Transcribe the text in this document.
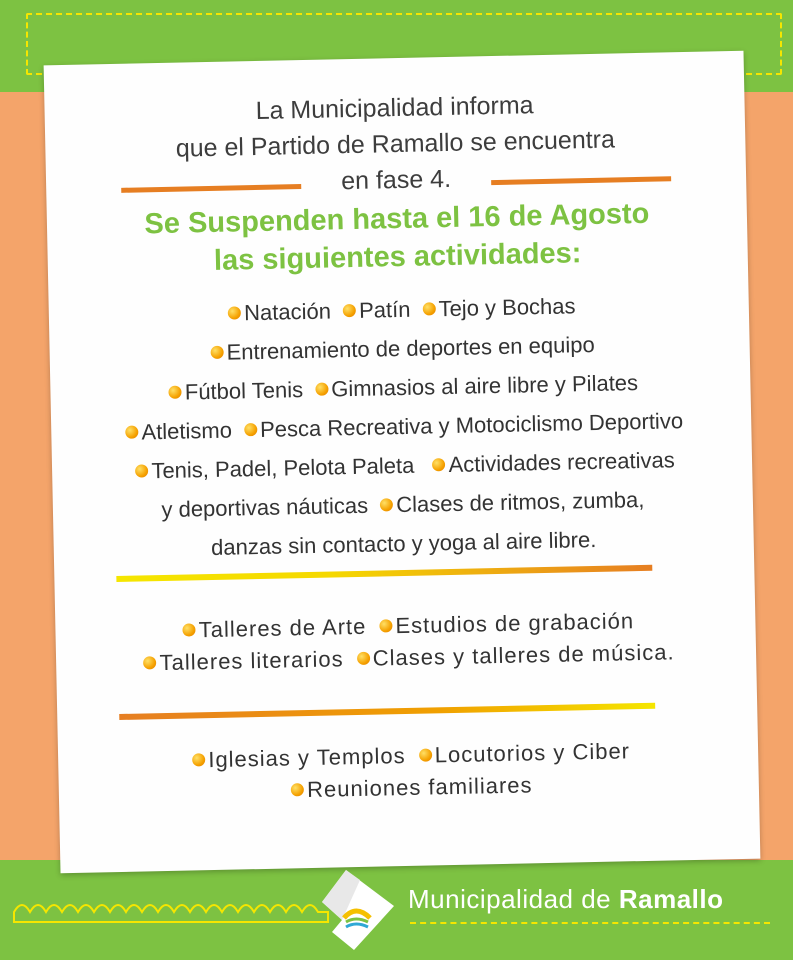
La Municipalidad informa
que el Partido de Ramallo se encuentra
en fase 4.
Se Suspenden hasta el 16 de Agosto
las siguientes actividades:
Natación Patín Tejo y Bochas
Entrenamiento de deportes en equipo
Fútbol Tenis Gimnasios al aire libre y Pilates
Atletismo Pesca Recreativa y Motociclismo Deportivo
Tenis, Padel, Pelota Paleta Actividades recreativas
y deportivas náuticas Clases de ritmos, zumba,
danzas sin contacto y yoga al aire libre.
Talleres de Arte Estudios de grabación
Talleres literarios Clases y talleres de música.
Iglesias y Templos Locutorios y Ciber
Reuniones familiares
Municipalidad de Ramallo
